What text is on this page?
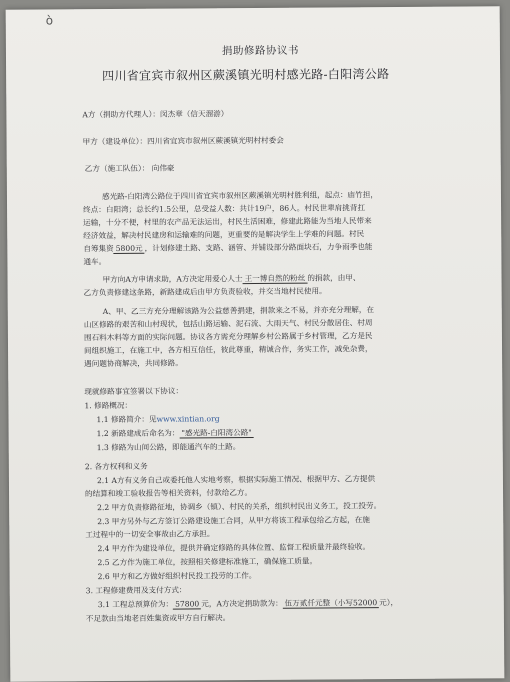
ò
捐助修路协议书
四川省宜宾市叙州区蕨溪镇光明村感光路-白阳湾公路
A方（捐助方代理人）：闵杰章（信天溜游）
甲方（建设单位）：四川省宜宾市叙州区蕨溪镇光明村村委会
乙方（施工队伍）： 向伟豪
感光路-白阳湾公路位于四川省宜宾市叙州区蕨溪镇光明村胜利组，起点：庙竹担，
终点：白阳湾；总长约1.5公里，总受益人数：共计19户，86人。村民世辈肩挑背扛
运输，十分不便，村里的农产品无法运出，村民生活困难，修建此路能为当地人民带来
经济效益，解决村民建房和运输难的问题，更重要的是解决学生上学难的问题。村民
自筹集资 5800元 ，计划修建土路、支路、涵管、并铺设部分路面块石，力争雨季也能
通车。
甲方向A方申请求助，A方决定用爱心人士 王一博自然的粉丝 的捐款，由甲、
乙方负责修建这条路，新路建成后由甲方负责验收，并交当地村民使用。
A、甲、乙三方充分理解该路为公益慈善捐建，捐款来之不易，并亦充分理解，在
山区修路的艰苦和山村现状，包括山路运输、泥石流、大雨天气、村民分散居住、村周
围石料木料等方面的实际问题。协议各方需充分理解乡村公路属于乡村管理，乙方是民
间组织施工，在施工中，各方相互信任，彼此尊重，精诚合作，务实工作，减免杂费，
遇问题协商解决，共同修路。
现就修路事宜签署以下协议：
1. 修路概况：
1.1 修路简介：见www.xintian.org
1.2 新路建成后命名为： "感光路-白阳湾公路"
1.3 修路为山间公路，即能通汽车的土路。
2. 各方权利和义务
2.1 A方有义务自己或委托他人实地考察，根据实际施工情况、根据甲方、乙方提供
的结算和竣工验收报告等相关资料，付款给乙方。
2.2 甲方负责修路征地，协调乡（镇）、村民的关系，组织村民出义务工，投工投劳。
2.3 甲方另外与乙方签订公路建设施工合同，从甲方将该工程承包给乙方起，在施
工过程中的一切安全事故由乙方承担。
2.4 甲方作为建设单位，提供并确定修路的具体位置、监督工程质量并最终验收。
2.5 乙方作为施工单位，按照相关修建标准施工，确保施工质量。
2.6 甲方和乙方做好组织村民投工投劳的工作。
3. 工程修建费用及支付方式：
3.1 工程总预算价为： 57800 元，A方决定捐助款为： 伍万贰仟元整（小写52000 元），
不足款由当地老百姓集资或甲方自行解决。
